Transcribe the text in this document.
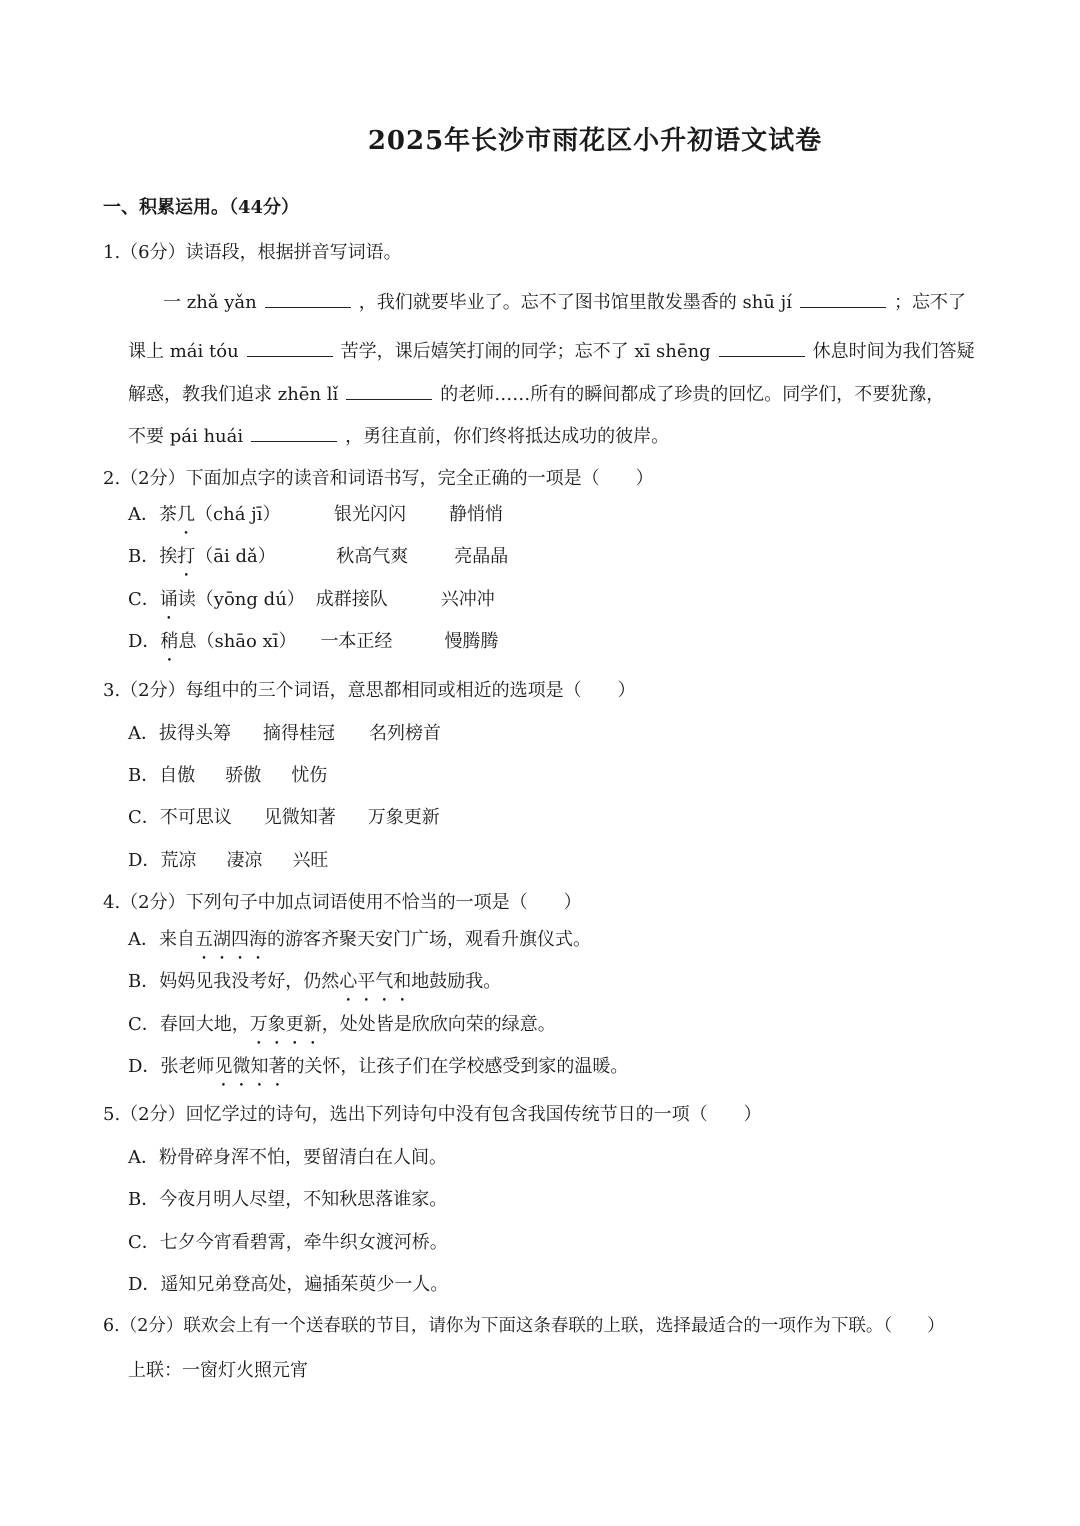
2025年长沙市雨花区小升初语文试卷
一、积累运用。（44分）
1.（6分）读语段，根据拼音写词语。
一 zhǎ yǎn	，我们就要毕业了。忘不了图书馆里散发墨香的 shū jí	；忘不了
课上 mái tóu	苦学，课后嬉笑打闹的同学；忘不了 xī shēng	休息时间为我们答疑
解惑，教我们追求 zhēn lǐ	的老师……所有的瞬间都成了珍贵的回忆。同学们，不要犹豫，
不要 pái huái	，勇往直前，你们终将抵达成功的彼岸。
2.（2分）下面加点字的读音和词语书写，完全正确的一项是（　　）
A．茶几（chá jī）	银光闪闪 静悄悄
B．挨打（āi dǎ）	秋高气爽	亮晶晶
C．诵读（yōng dú） 成群接队	兴冲冲
D．稍息（shāo xī） 一本正经	慢腾腾
3.（2分）每组中的三个词语，意思都相同或相近的选项是（　　）
A．拔得头筹 摘得桂冠 名列榜首
B．自傲 骄傲 忧伤
C．不可思议 见微知著 万象更新
D．荒凉 凄凉 兴旺
4.（2分）下列句子中加点词语使用不恰当的一项是（　　）
A．来自五湖四海的游客齐聚天安门广场，观看升旗仪式。
B．妈妈见我没考好，仍然心平气和地鼓励我。
C．春回大地，万象更新，处处皆是欣欣向荣的绿意。
D．张老师见微知著的关怀，让孩子们在学校感受到家的温暖。
5.（2分）回忆学过的诗句，选出下列诗句中没有包含我国传统节日的一项（　　）
A．粉骨碎身浑不怕，要留清白在人间。
B．今夜月明人尽望，不知秋思落谁家。
C．七夕今宵看碧霄，牵牛织女渡河桥。
D．遥知兄弟登高处，遍插茱萸少一人。
6.（2分）联欢会上有一个送春联的节目，请你为下面这条春联的上联，选择最适合的一项作为下联。（　　）
上联：一窗灯火照元宵
